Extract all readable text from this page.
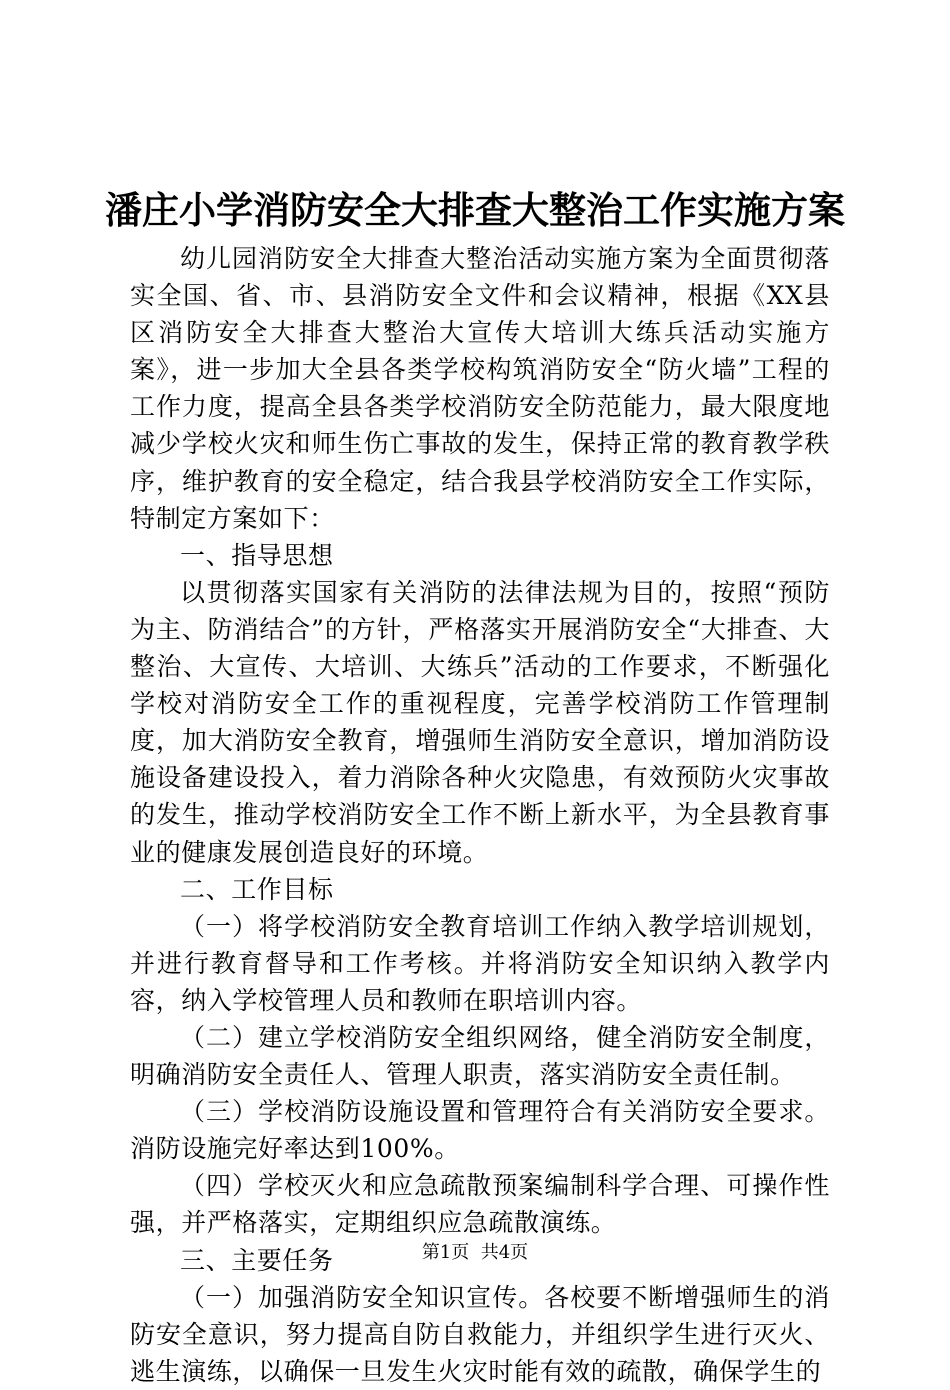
潘庄小学消防安全大排查大整治工作实施方案

幼儿园消防安全大排查大整治活动实施方案为全面贯彻落实全国、省、市、县消防安全文件和会议精神，根据《XX县区消防安全大排查大整治大宣传大培训大练兵活动实施方案》，进一步加大全县各类学校构筑消防安全“防火墙”工程的工作力度，提高全县各类学校消防安全防范能力，最大限度地减少学校火灾和师生伤亡事故的发生，保持正常的教育教学秩序，维护教育的安全稳定，结合我县学校消防安全工作实际，特制定方案如下：

一、指导思想

以贯彻落实国家有关消防的法律法规为目的，按照“预防为主、防消结合”的方针，严格落实开展消防安全“大排查、大整治、大宣传、大培训、大练兵”活动的工作要求，不断强化学校对消防安全工作的重视程度，完善学校消防工作管理制度，加大消防安全教育，增强师生消防安全意识，增加消防设施设备建设投入，着力消除各种火灾隐患，有效预防火灾事故的发生，推动学校消防安全工作不断上新水平，为全县教育事业的健康发展创造良好的环境。

二、工作目标

（一）将学校消防安全教育培训工作纳入教学培训规划，并进行教育督导和工作考核。并将消防安全知识纳入教学内容，纳入学校管理人员和教师在职培训内容。

（二）建立学校消防安全组织网络，健全消防安全制度，明确消防安全责任人、管理人职责，落实消防安全责任制。

（三）学校消防设施设置和管理符合有关消防安全要求。消防设施完好率达到100%。

（四）学校灭火和应急疏散预案编制科学合理、可操作性强，并严格落实，定期组织应急疏散演练。

三、主要任务

（一）加强消防安全知识宣传。各校要不断增强师生的消防安全意识，努力提高自防自救能力，并组织学生进行灭火、逃生演练，以确保一旦发生火灾时能有效的疏散，确保学生的

第1页 共4页
